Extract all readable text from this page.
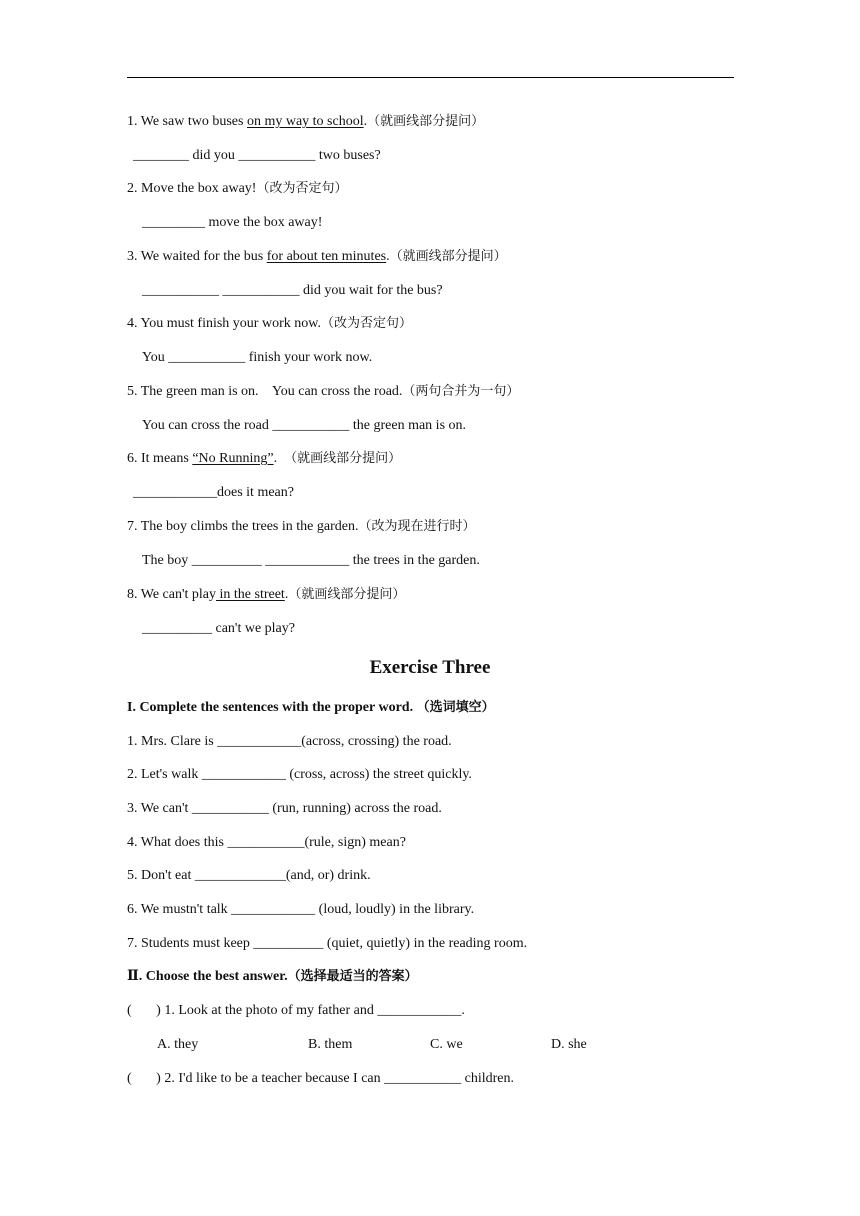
1. We saw two buses on my way to school.（就画线部分提问）
________ did you ___________ two buses?
2. Move the box away!（改为否定句）
_________ move the box away!
3. We waited for the bus for about ten minutes.（就画线部分提问）
___________ ___________ did you wait for the bus?
4. You must finish your work now.（改为否定句）
You ___________ finish your work now.
5. The green man is on.    You can cross the road.（两句合并为一句）
You can cross the road ___________ the green man is on.
6. It means “No Running”.  （就画线部分提问）
____________does it mean?
7. The boy climbs the trees in the garden.（改为现在进行时）
The boy __________ ____________ the trees in the garden.
8. We can't play in the street.（就画线部分提问）
__________ can't we play?
Exercise Three
I. Complete the sentences with the proper word. （选词填空）
1. Mrs. Clare is ____________(across, crossing) the road.
2. Let's walk ____________ (cross, across) the street quickly.
3. We can't ___________ (run, running) across the road.
4. What does this ___________(rule, sign) mean?
5. Don't eat _____________(and, or) drink.
6. We mustn't talk ____________ (loud, loudly) in the library.
7. Students must keep __________ (quiet, quietly) in the reading room.
Ⅱ. Choose the best answer.（选择最适当的答案）
(       ) 1. Look at the photo of my father and ____________.
A. they	B. them	C. we	D. she
(       ) 2. I'd like to be a teacher because I can ___________ children.
